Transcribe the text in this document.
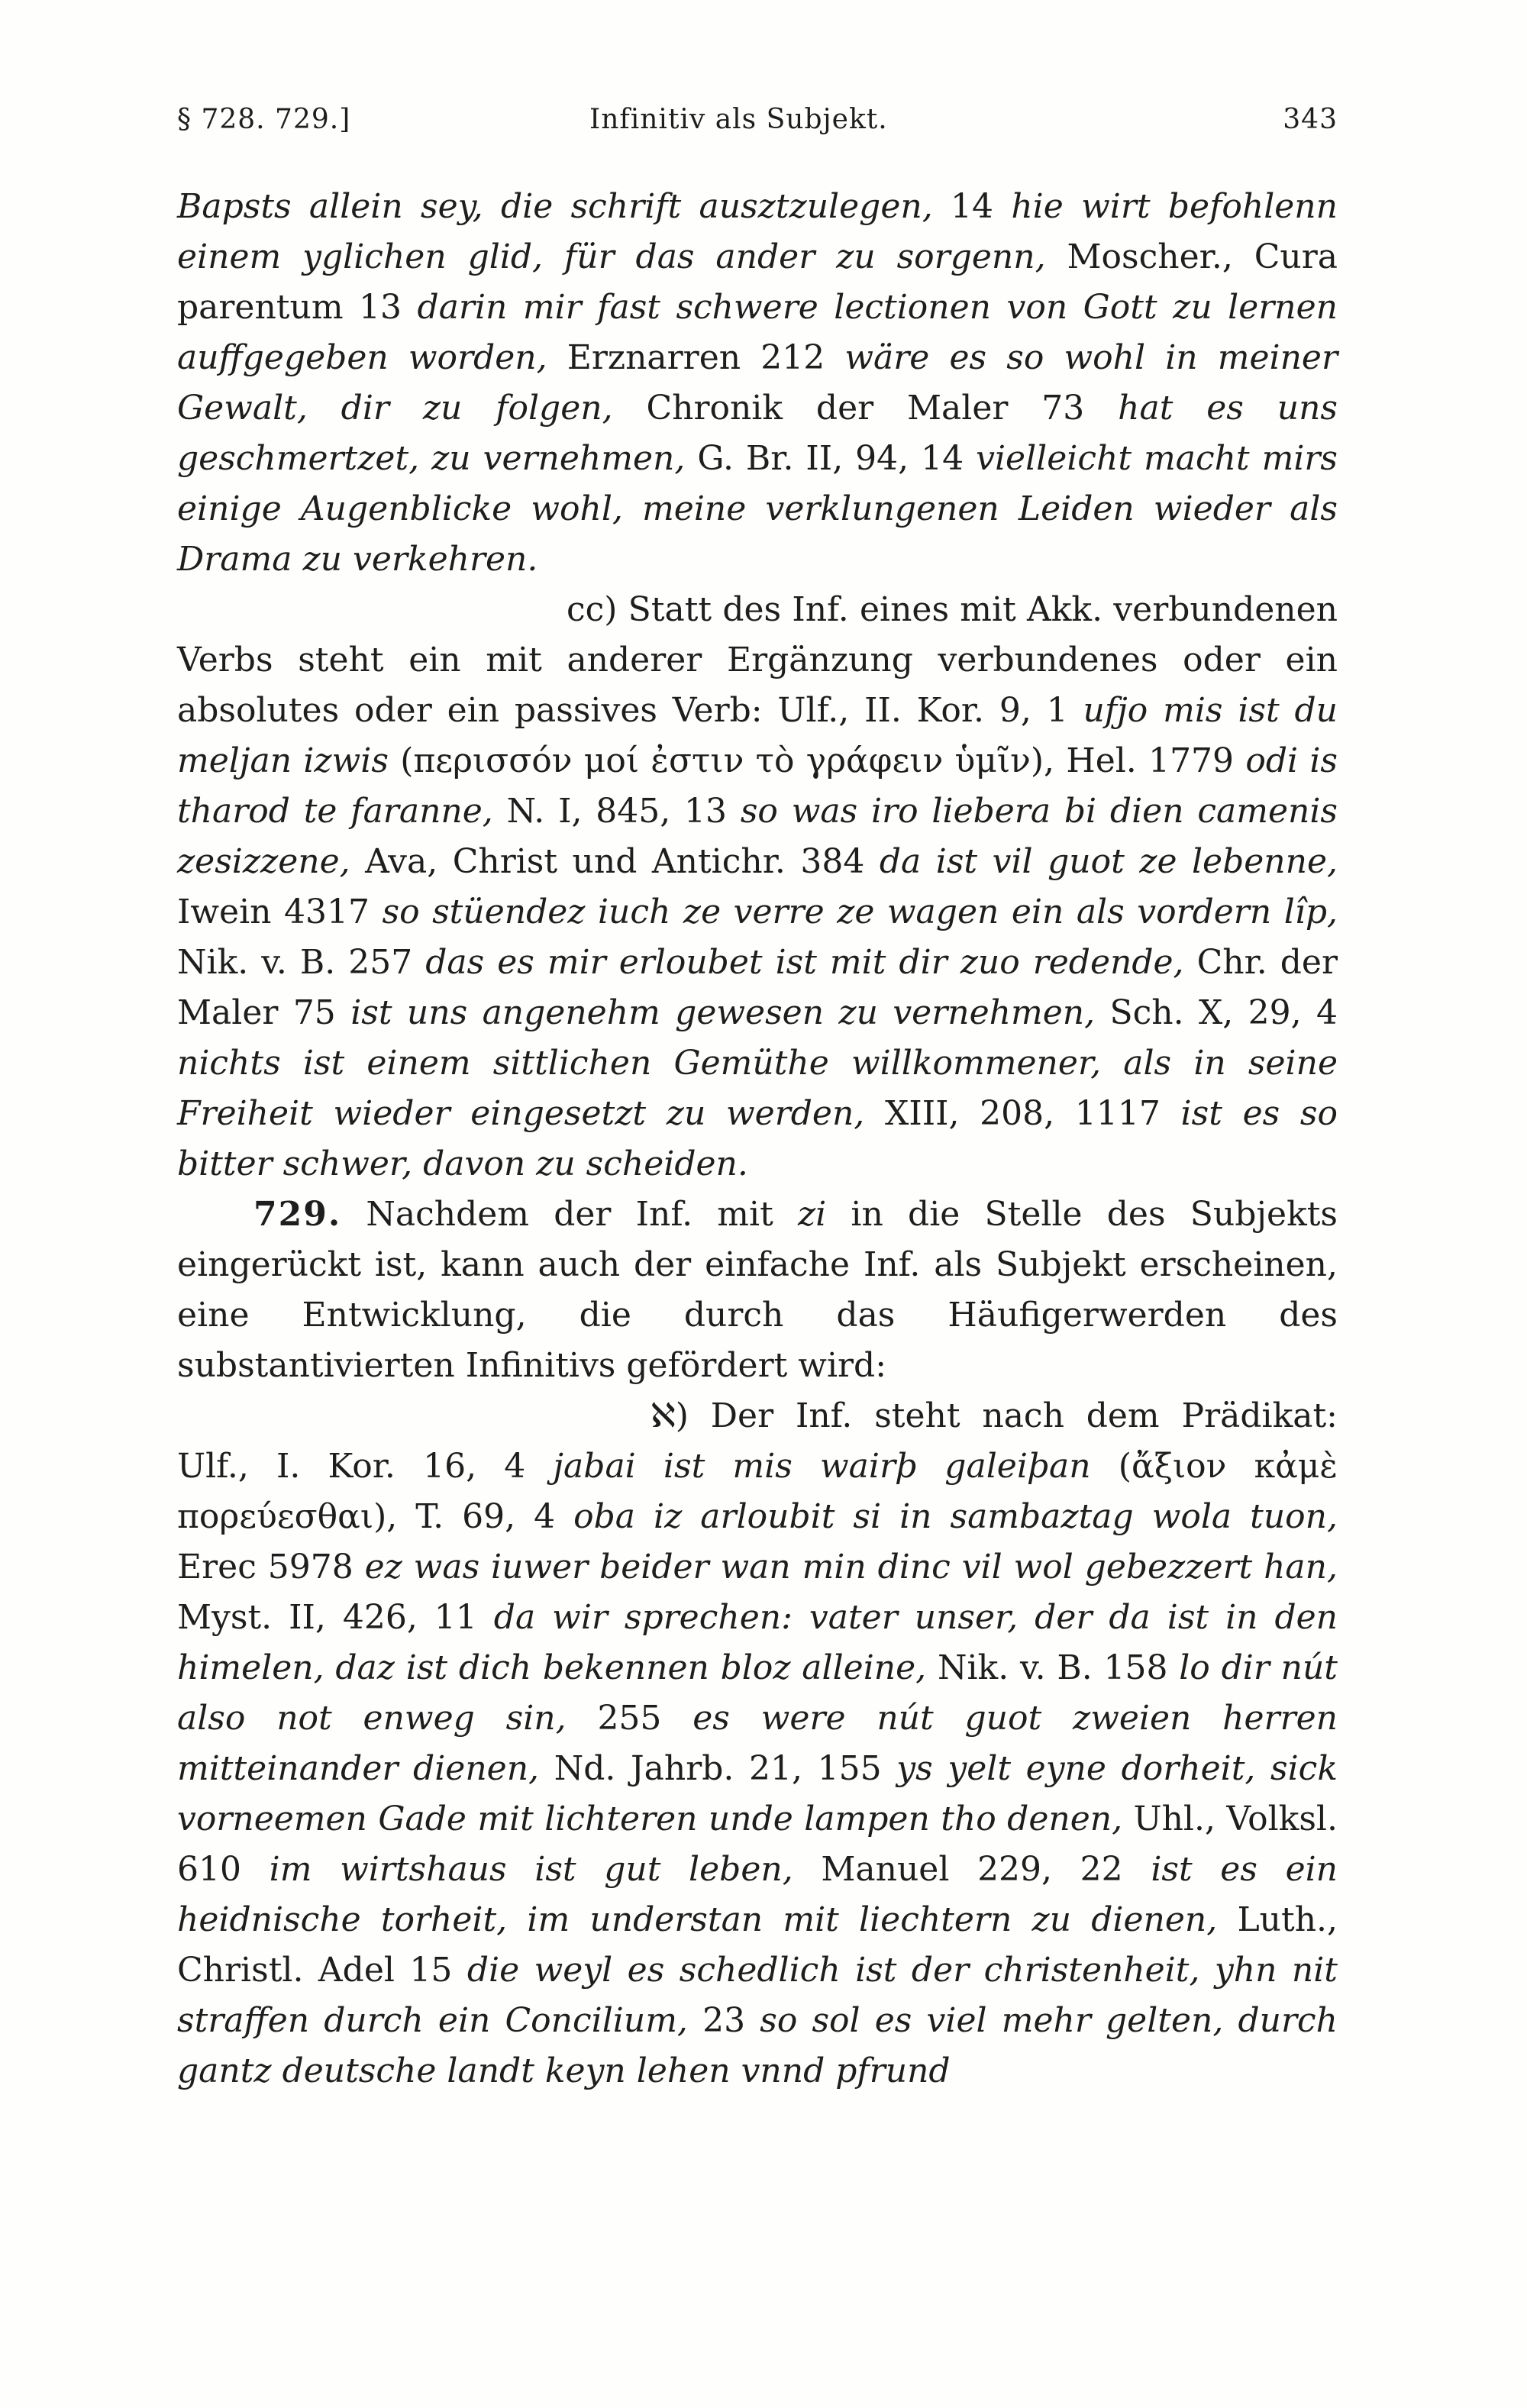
§ 728. 729.]	Infinitiv als Subjekt.	343

Bapsts allein sey, die schrift ausztzulegen, 14 hie wirt befohlenn einem yglichen glid, für das ander zu sorgenn, Moscher., Cura parentum 13 darin mir fast schwere lectionen von Gott zu lernen auffgegeben worden, Erznarren 212 wäre es so wohl in meiner Gewalt, dir zu folgen, Chronik der Maler 73 hat es uns geschmertzet, zu vernehmen, G. Br. II, 94, 14 vielleicht macht mirs einige Augenblicke wohl, meine verklungenen Leiden wieder als Drama zu verkehren.

cc) Statt des Inf. eines mit Akk. verbundenen Verbs steht ein mit anderer Ergänzung verbundenes oder ein absolutes oder ein passives Verb: Ulf., II. Kor. 9, 1 ufjo mis ist du meljan izwis (περισσόν μοί ἐστιν τὸ γράφειν ὑμῖν), Hel. 1779 odi is tharod te faranne, N. I, 845, 13 so was iro liebera bi dien camenis zesizzene, Ava, Christ und Antichr. 384 da ist vil guot ze lebenne, Iwein 4317 so stüendez iuch ze verre ze wagen ein als vordern lîp, Nik. v. B. 257 das es mir erloubet ist mit dir zuo redende, Chr. der Maler 75 ist uns angenehm gewesen zu vernehmen, Sch. X, 29, 4 nichts ist einem sittlichen Gemüthe willkommener, als in seine Freiheit wieder eingesetzt zu werden, XIII, 208, 1117 ist es so bitter schwer, davon zu scheiden.

729. Nachdem der Inf. mit zi in die Stelle des Subjekts eingerückt ist, kann auch der einfache Inf. als Subjekt erscheinen, eine Entwicklung, die durch das Häufigerwerden des substantivierten Infinitivs gefördert wird:

ℵ) Der Inf. steht nach dem Prädikat: Ulf., I. Kor. 16, 4 jabai ist mis wairþ galeiþan (ἄξιον κἀμὲ πορεύεσθαι), T. 69, 4 oba iz arloubit si in sambaztag wola tuon, Erec 5978 ez was iuwer beider wan min dinc vil wol gebezzert han, Myst. II, 426, 11 da wir sprechen: vater unser, der da ist in den himelen, daz ist dich bekennen bloz alleine, Nik. v. B. 158 lo dir nút also not enweg sin, 255 es were nút guot zweien herren mitteinander dienen, Nd. Jahrb. 21, 155 ys yelt eyne dorheit, sick vorneemen Gade mit lichteren unde lampen tho denen, Uhl., Volksl. 610 im wirtshaus ist gut leben, Manuel 229, 22 ist es ein heidnische torheit, im understan mit liechtern zu dienen, Luth., Christl. Adel 15 die weyl es schedlich ist der christenheit, yhn nit straffen durch ein Concilium, 23 so sol es viel mehr gelten, durch gantz deutsche landt keyn lehen vnnd pfrund
